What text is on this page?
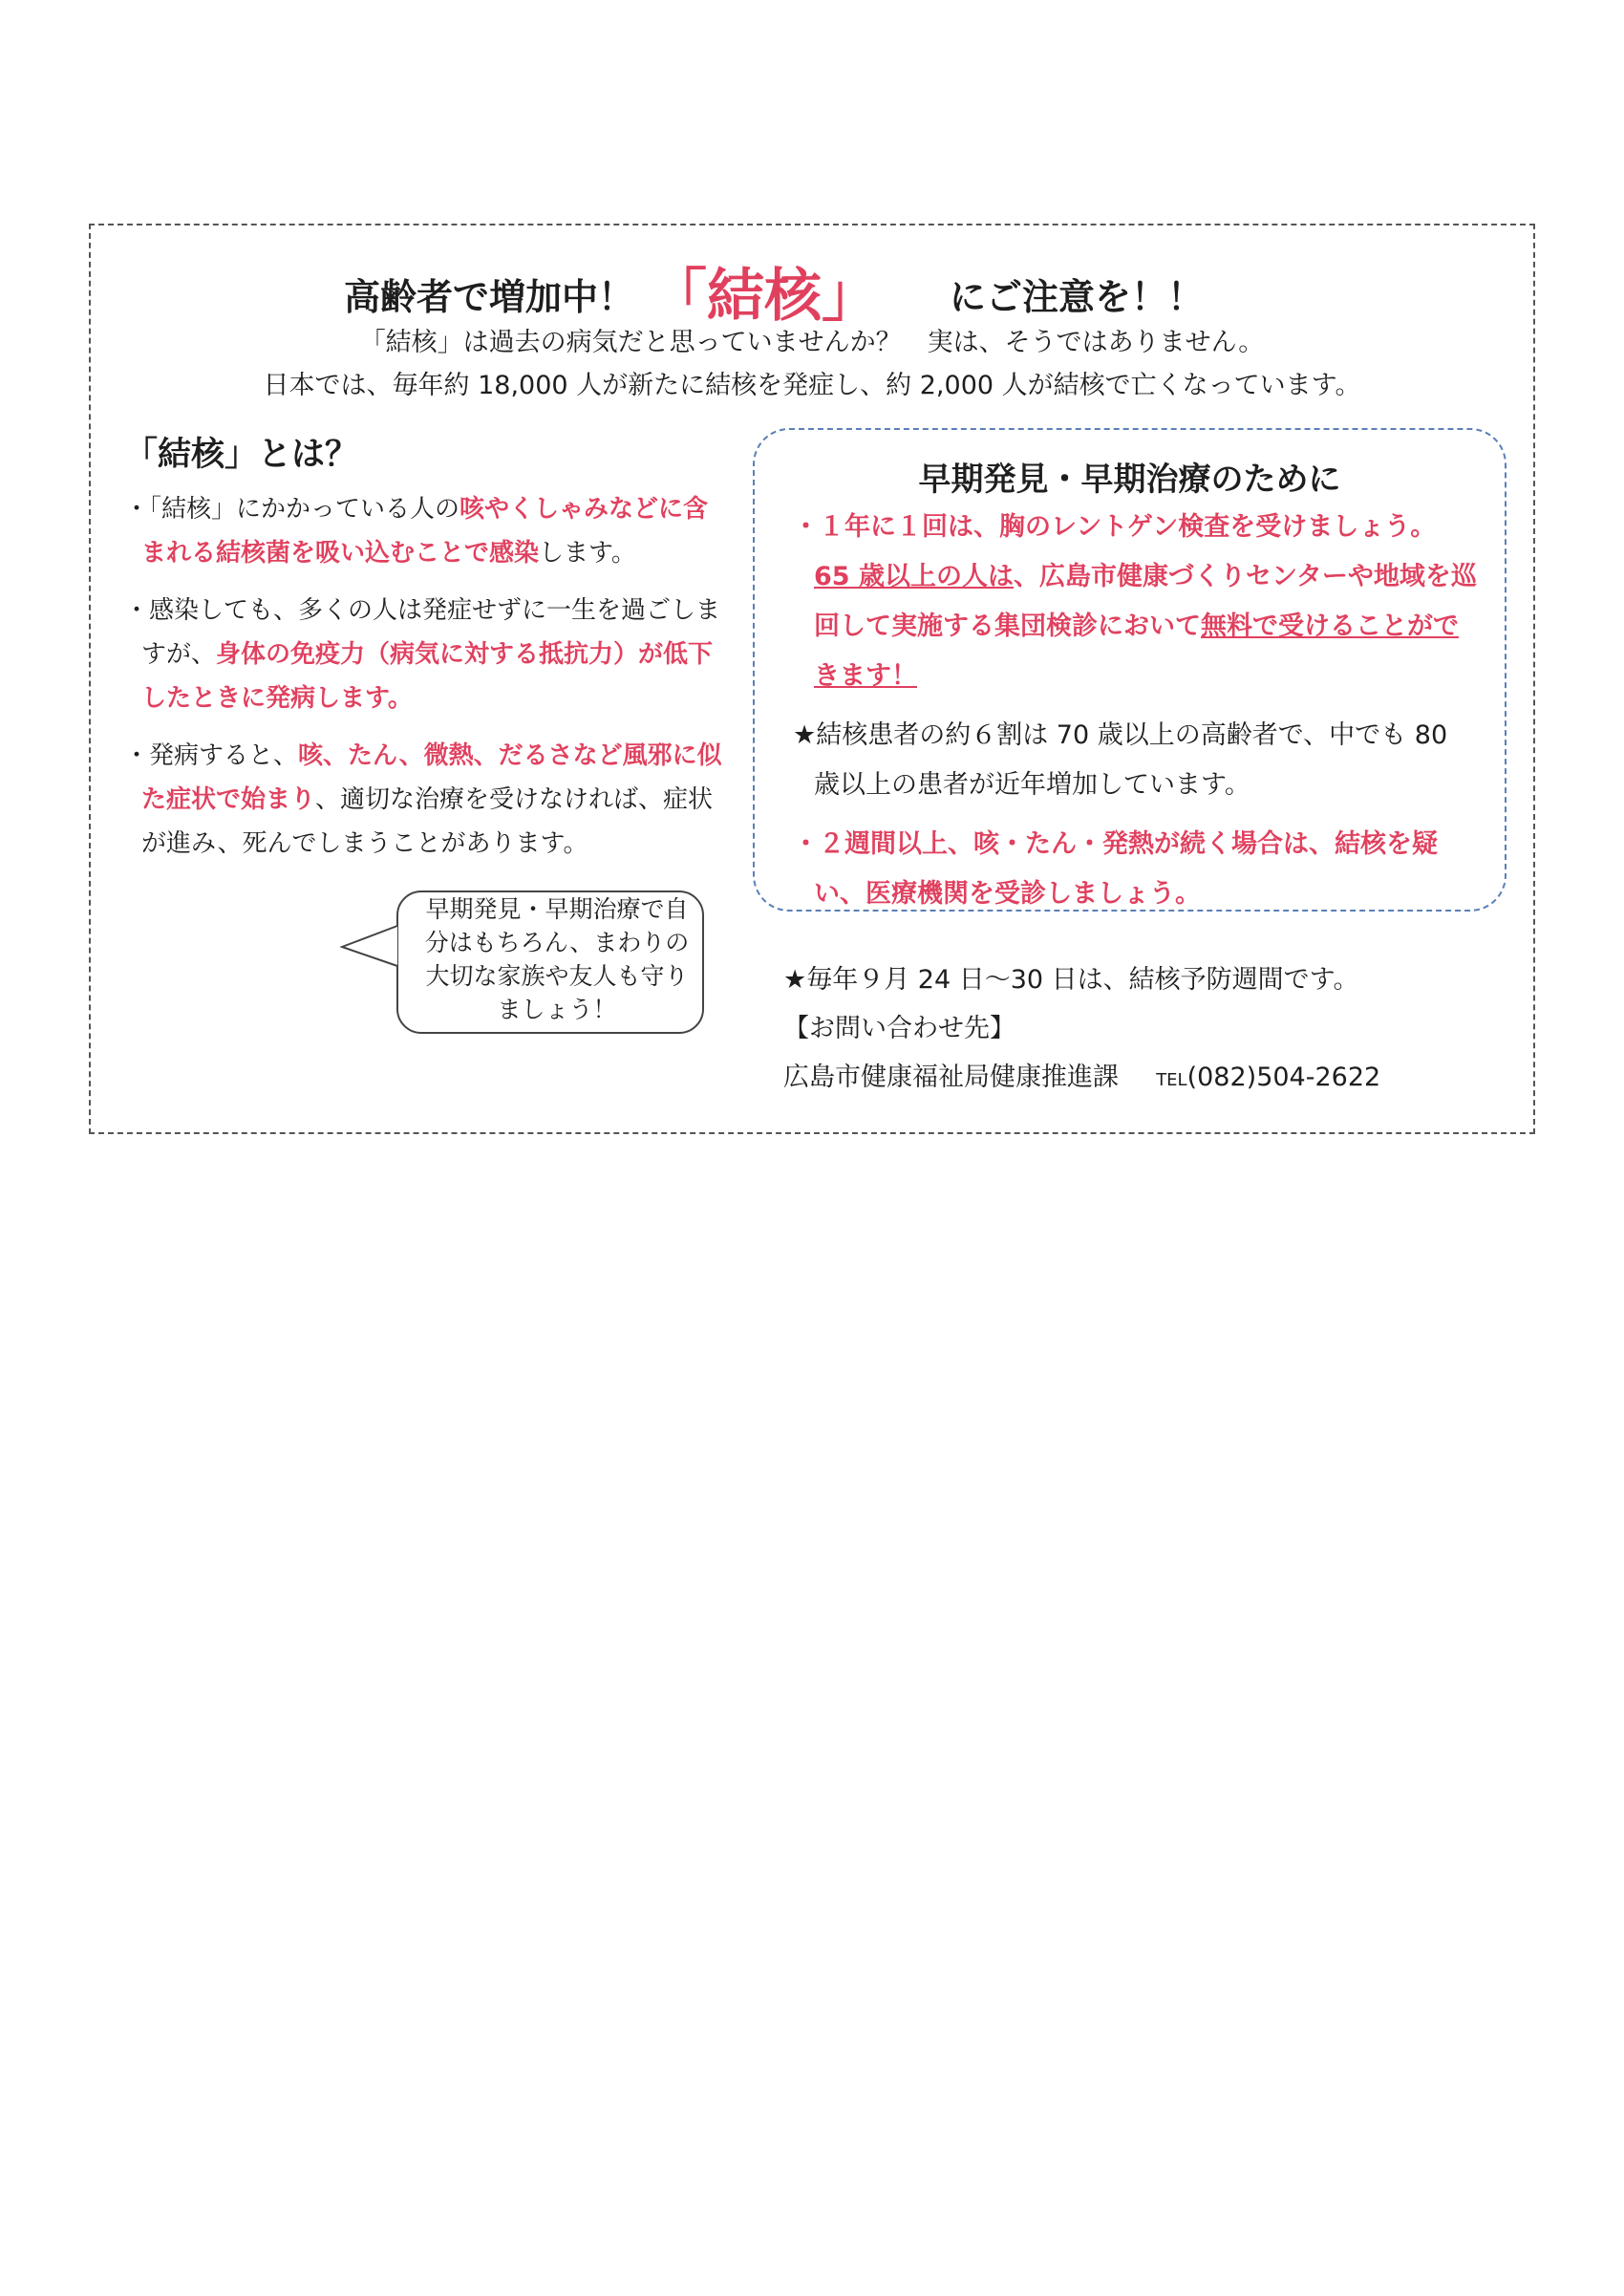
高齢者で増加中！ 「結核」 にご注意を！！
「結核」は過去の病気だと思っていませんか？　実は、そうではありません。
日本では、毎年約 18,000 人が新たに結核を発症し、約 2,000 人が結核で亡くなっています。
「結核」とは？

・「結核」にかかっている人の咳やくしゃみなどに含まれる結核菌を吸い込むことで感染します。

・感染しても、多くの人は発症せずに一生を過ごしますが、身体の免疫力（病気に対する抵抗力）が低下したときに発病します。

・発病すると、咳、たん、微熱、だるさなど風邪に似た症状で始まり、適切な治療を受けなければ、症状が進み、死んでしまうことがあります。

早期発見・早期治療のために

・１年に１回は、胸のレントゲン検査を受けましょう。
65 歳以上の人は、広島市健康づくりセンターや地域を巡回して実施する集団検診において無料で受けることができます！

★結核患者の約６割は 70 歳以上の高齢者で、中でも 80 歳以上の患者が近年増加しています。

・２週間以上、咳・たん・発熱が続く場合は、結核を疑い、医療機関を受診しましょう。

早期発見・早期治療で自分はもちろん、まわりの大切な家族や友人も守りましょう！
★毎年９月 24 日～30 日は、結核予防週間です。
【お問い合わせ先】
広島市健康福祉局健康推進課 TEL(082)504-2622
